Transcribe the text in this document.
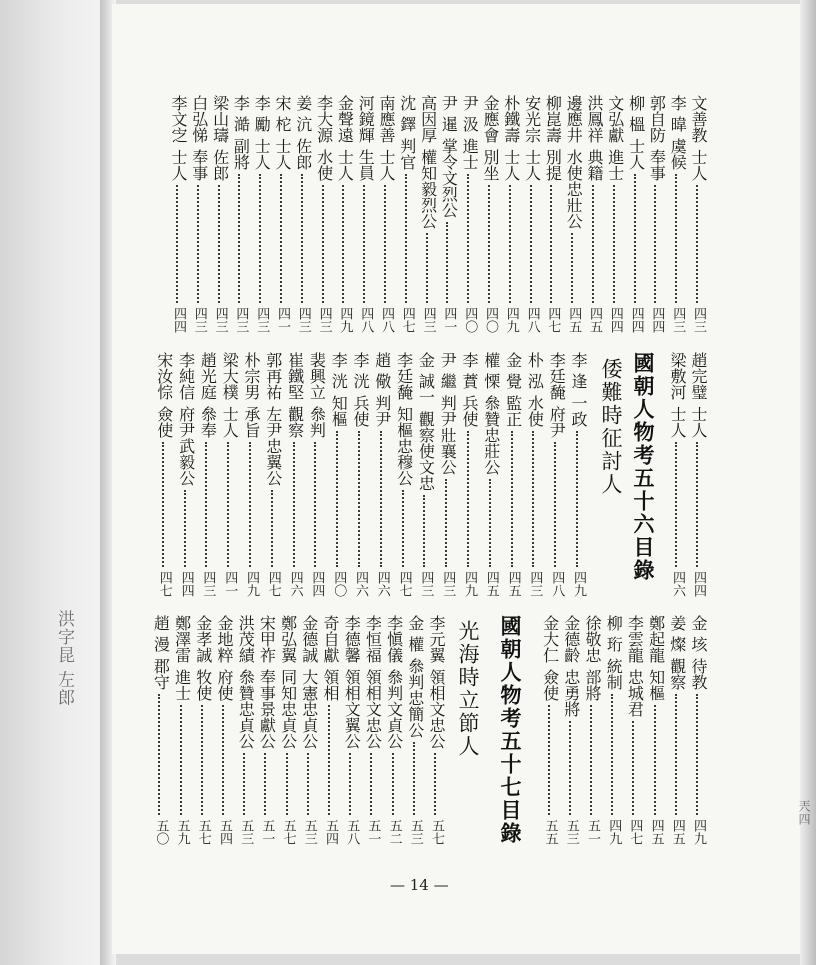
洪字昆 左郎
兲四
文善教
士人
四三
李 暐
虞候
四三
郭自防
奉事
四四
柳 榲
士人
四四
文弘獻
進士
四四
洪鳳祥
典籍
四五
邊應井
水使忠壯公
四五
柳崑壽
別提
四七
安光宗
士人
四八
朴鐵壽
士人
四九
金應會
別坐
四〇
尹 汲
進士
四〇
尹 暹
掌令文烈公
四一
高因厚
權知毅烈公
四三
沈 鐸
判官
四七
南應善
士人
四八
河鏡輝
生員
四八
金聲遠
士人
四九
李大源
水使
四三
姜 沆
佐郎
四三
宋 柁
士人
四一
李 勵
士人
四三
李 澔
副將
四三
梁山璹
佐郎
四三
白弘悌
奉事
四三
李文㝎
士人
四四
趙完璧
士人
四四
梁敷河
士人
四六
李 逢
一政
四九
李廷馣
府尹
四八
朴 泓
水使
四三
金 覺
監正
四五
權 慄
叅贊忠莊公
四五
李 蕡
兵使
四九
尹 繼
判尹壯襄公
四三
金 誠一
觀察使文忠
四三
李廷馣
知樞忠穆公
四七
趙 儆
判尹
四六
李 洸
兵使
四六
李 洸
知樞
四〇
裴興立
叅判
四四
崔鐵堅
觀察
四六
郭再祐
左尹忠翼公
四七
朴宗男
承旨
四九
梁大樸
士人
四一
趙光庭
叅奉
四三
李純信
府尹武毅公
四四
宋汝悰
僉使
四七
金 垓
待教
四九
姜 燦
觀察
四五
鄭起龍
知樞
四五
李雲龍
忠城君
四七
柳 珩
統制
四九
徐敬忠
部將
五一
金德齡
忠勇將
五三
金大仁
僉使
五五
李元翼
領相文忠公
五七
金 權
叅判忠簡公
五三
李愼儀
叅判文貞公
五二
李恒福
領相文忠公
五一
李德馨
領相文翼公
五八
奇自獻
領相
五四
金德誠
大憲忠貞公
五三
鄭弘翼
同知忠貞公
五七
宋甲祚
奉事景獻公
五一
洪茂績
叅贊忠貞公
五三
金地粹
府使
五四
金孝誠
牧使
五七
鄭澤雷
進士
五九
趙 漫
郡守
五〇
國朝人物考五十六目錄
倭難時征討人
國朝人物考五十七目錄
光海時立節人
— 14 —
